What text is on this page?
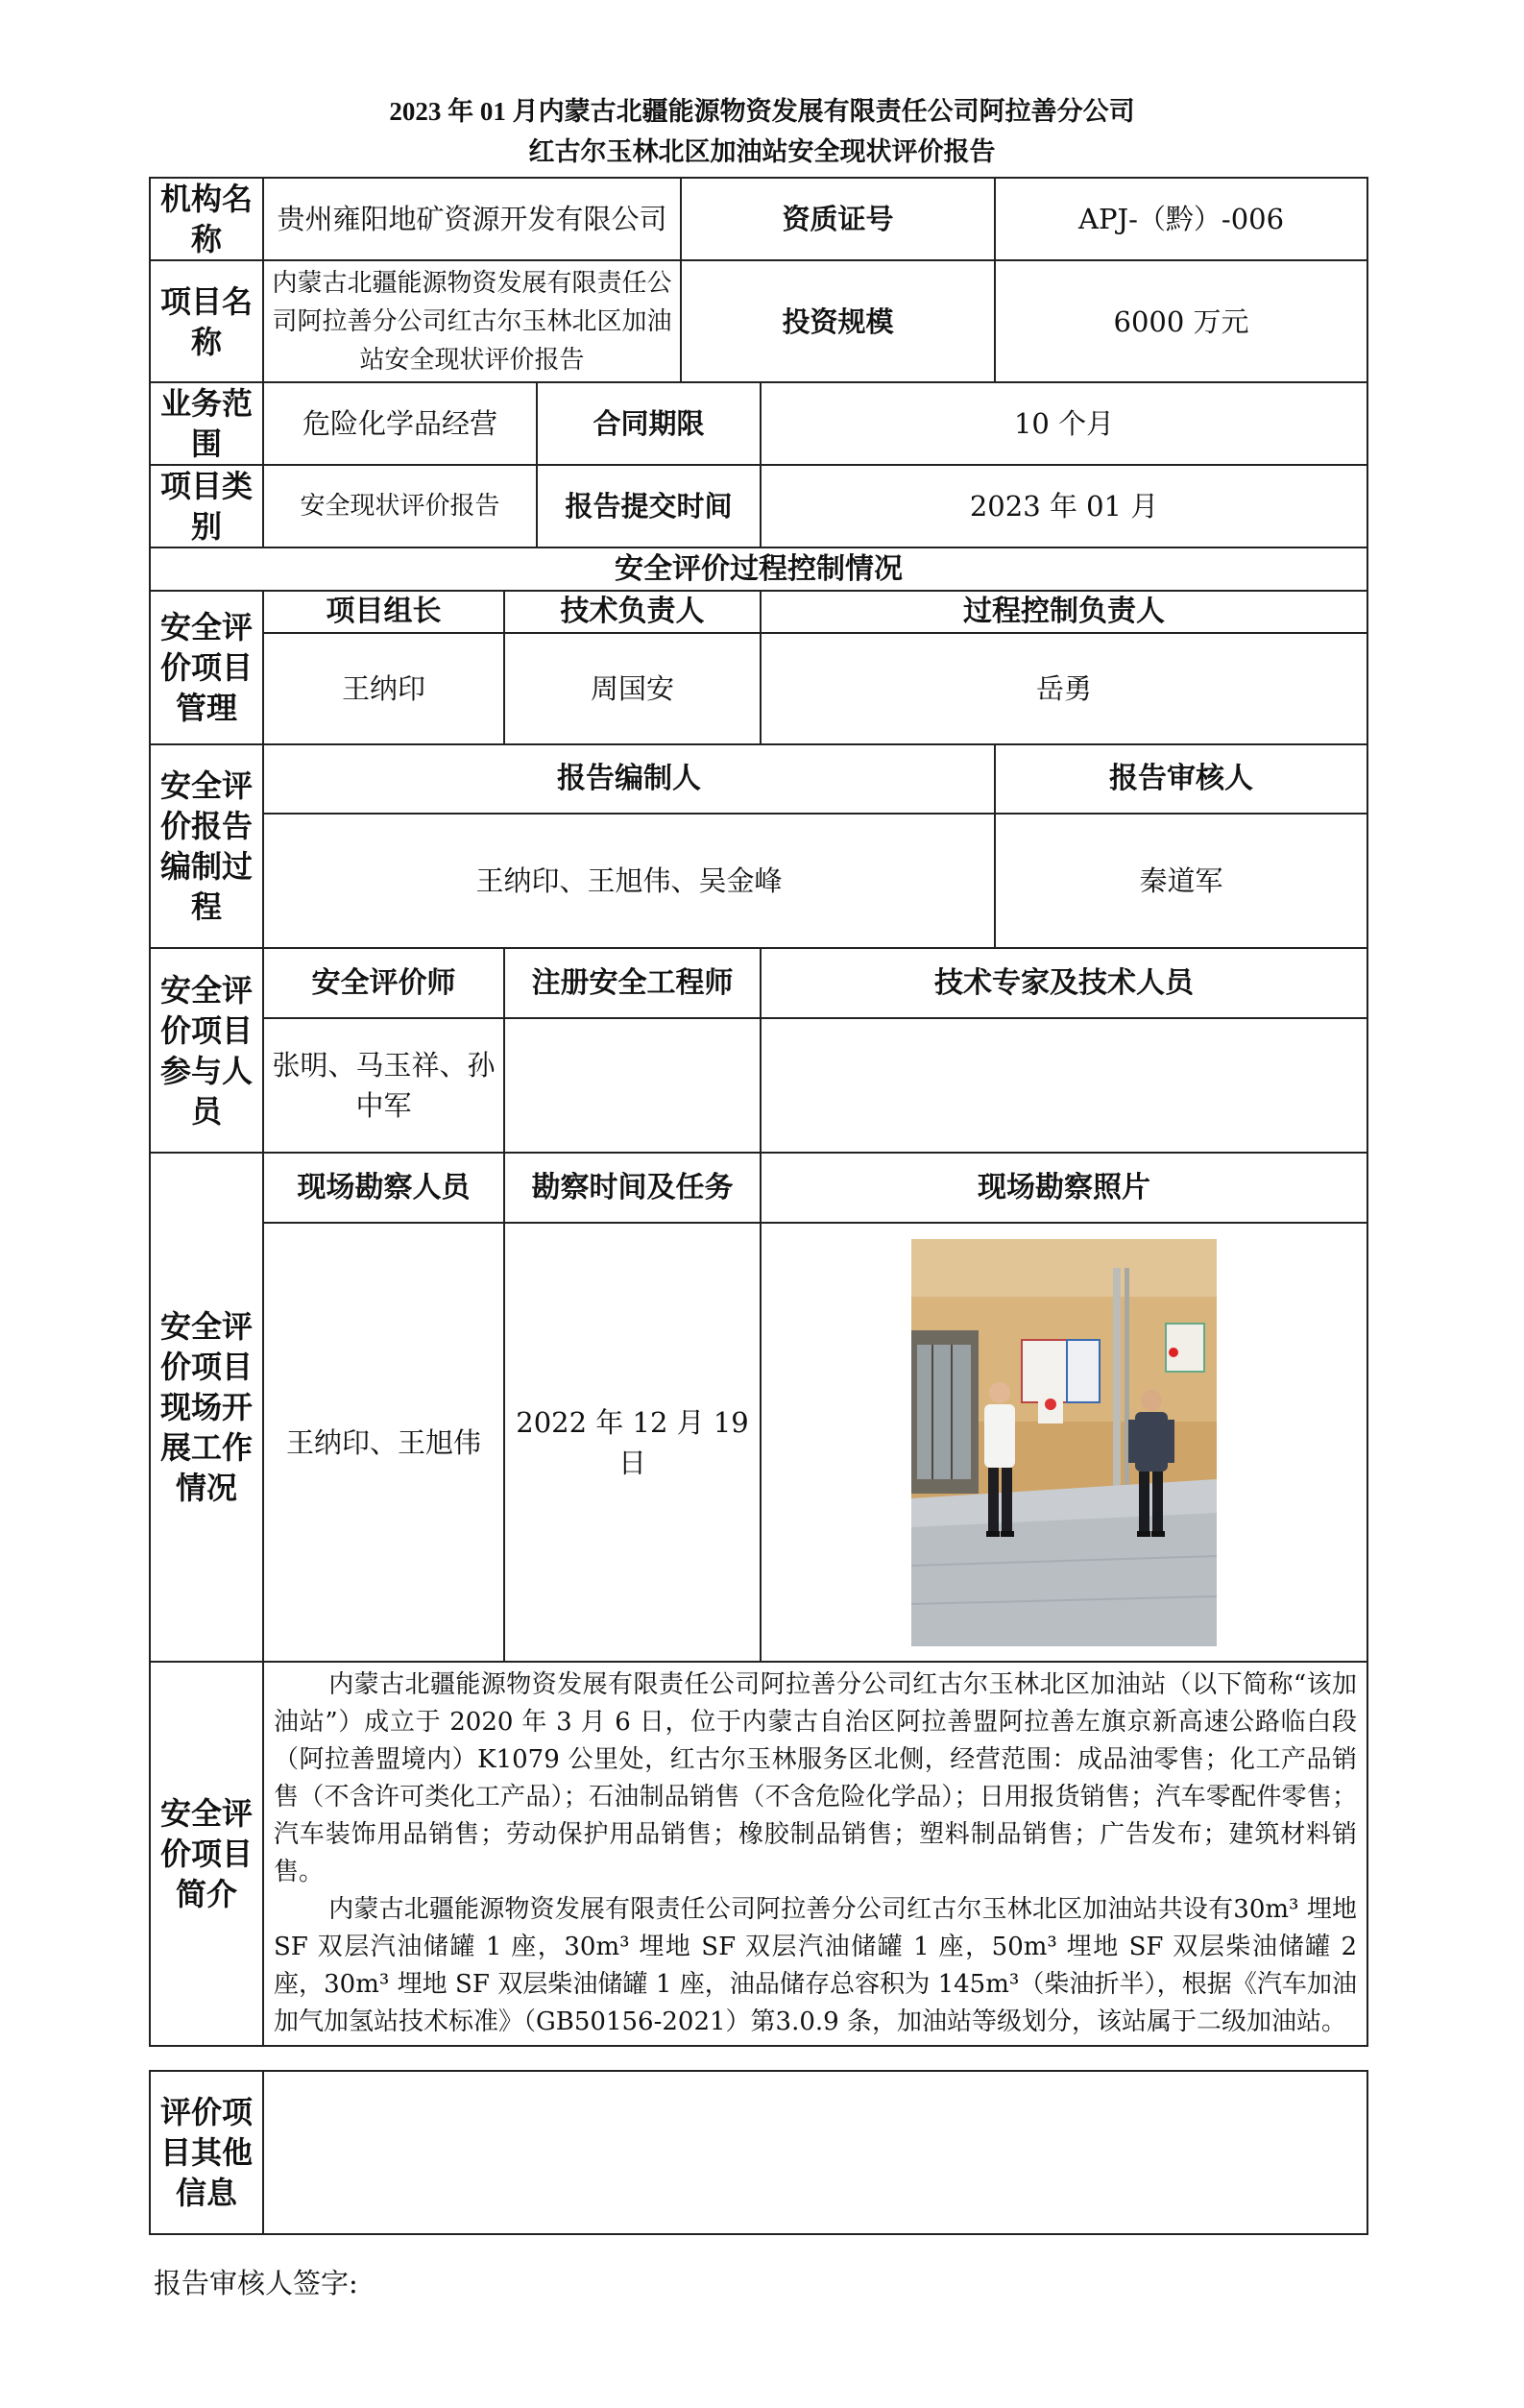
2023 年 01 月内蒙古北疆能源物资发展有限责任公司阿拉善分公司
红古尔玉林北区加油站安全现状评价报告
机构名称	贵州雍阳地矿资源开发有限公司			资质证号		APJ-（黔）-006
项目名称	内蒙古北疆能源物资发展有限责任公司阿拉善分公司红古尔玉林北区加油站安全现状评价报告			投资规模		6000 万元
业务范围	危险化学品经营		合同期限		10 个月	
项目类别	安全现状评价报告		报告提交时间		2023 年 01 月	
安全评价过程控制情况						
安全评价项目管理	项目组长	技术负责人			过程控制负责人	
	王纳印	周国安			岳勇	
安全评价报告编制过程	报告编制人					报告审核人
	王纳印、王旭伟、吴金峰					秦道军
安全评价项目参与人员	安全评价师	注册安全工程师			技术专家及技术人员	
	张明、马玉祥、孙中军					
安全评价项目现场开展工作情况	现场勘察人员	勘察时间及任务			现场勘察照片	
	王纳印、王旭伟	2022 年 12 月 19 日	

安全评价项目简介	内蒙古北疆能源物资发展有限责任公司阿拉善分公司红古尔玉林北区加油站（以下简称“该加油站”）成立于 2020 年 3 月 6 日，位于内蒙古自治区阿拉善盟阿拉善左旗京新高速公路临白段（阿拉善盟境内）K1079 公里处，红古尔玉林服务区北侧，经营范围：成品油零售；化工产品销售（不含许可类化工产品）；石油制品销售（不含危险化学品）；日用报货销售；汽车零配件零售；汽车装饰用品销售；劳动保护用品销售；橡胶制品销售；塑料制品销售；广告发布；建筑材料销售。

内蒙古北疆能源物资发展有限责任公司阿拉善分公司红古尔玉林北区加油站共设有30m³ 埋地 SF 双层汽油储罐 1 座，30m³ 埋地 SF 双层汽油储罐 1 座，50m³ 埋地 SF 双层柴油储罐 2 座，30m³ 埋地 SF 双层柴油储罐 1 座，油品储存总容积为 145m³（柴油折半），根据《汽车加油加气加氢站技术标准》（GB50156-2021）第3.0.9 条，加油站等级划分，该站属于二级加油站。					

评价项目其他信息	
报告审核人签字:
